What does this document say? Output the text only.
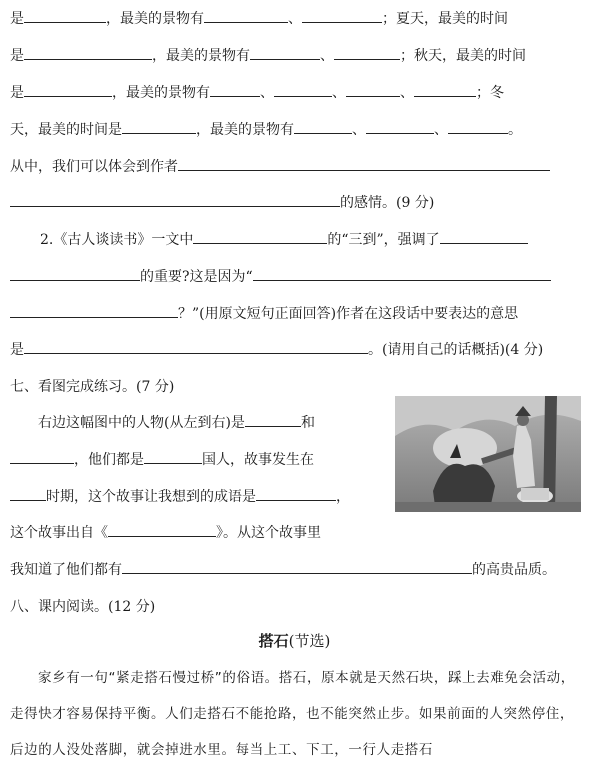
是	，最美的景物有	、	；夏天，最美的时间
是	，最美的景物有	、	；秋天，最美的时间
是	，最美的景物有	、	、	、	；冬
天，最美的时间是	，最美的景物有	、	、	。
从中，我们可以体会到作者
的感情。(9 分)
2.《古人谈读书》一文中	的“三到”，强调了
的重要?这是因为“
？”(用原文短句正面回答)作者在这段话中要表达的意思
是	。(请用自己的话概括)(4 分)
七、看图完成练习。(7 分)
右边这幅图中的人物(从左到右)是	和
，他们都是	国人，故事发生在
时期，这个故事让我想到的成语是	，
这个故事出自《	》。从这个故事里
我知道了他们都有	的高贵品质。
八、课内阅读。(12 分)
搭石(节选)

家乡有一句“紧走搭石慢过桥”的俗语。搭石，原本就是天然石块，踩上去难免会活动，走得快才容易保持平衡。人们走搭石不能抢路，也不能突然止步。如果前面的人突然停住，后边的人没处落脚，就会掉进水里。每当上工、下工，一行人走搭石
